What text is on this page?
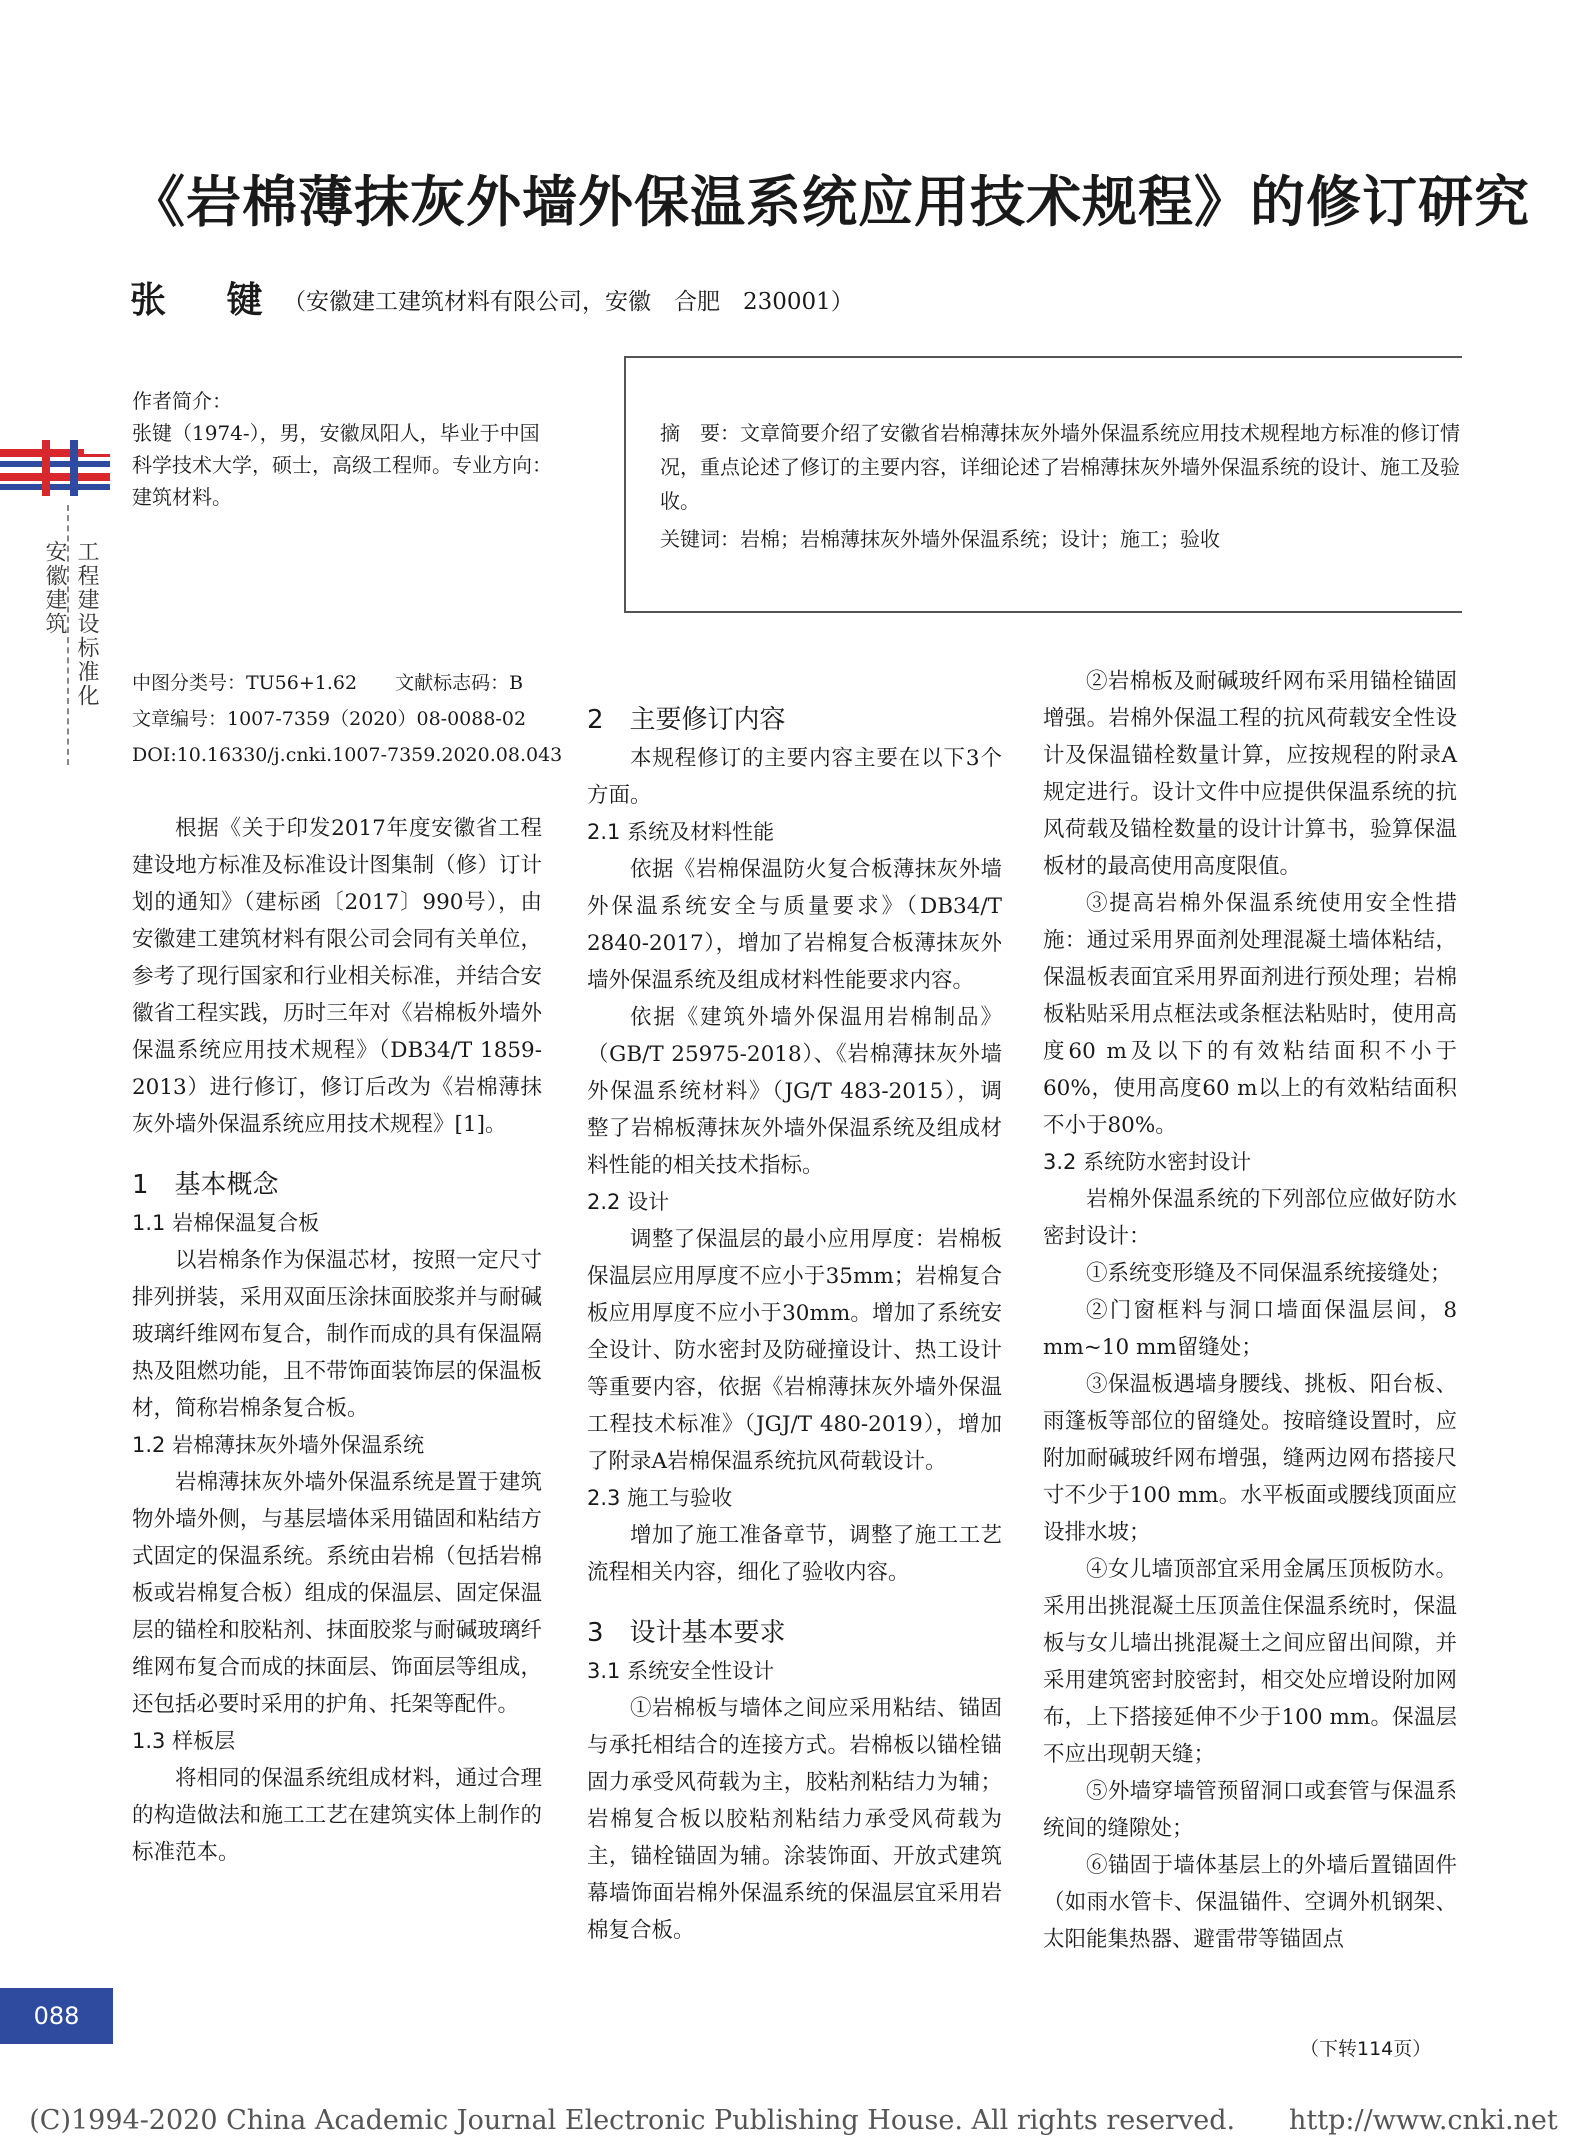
《岩棉薄抹灰外墙外保温系统应用技术规程》的修订研究
张 键
（安徽建工建筑材料有限公司，安徽　合肥　230001）
工程建设标准化
安徽建筑
作者简介：
张键（1974-），男，安徽凤阳人，毕业于中国科学技术大学，硕士，高级工程师。专业方向：建筑材料。
摘　要：文章简要介绍了安徽省岩棉薄抹灰外墙外保温系统应用技术规程地方标准的修订情况，重点论述了修订的主要内容，详细论述了岩棉薄抹灰外墙外保温系统的设计、施工及验收。
关键词：岩棉；岩棉薄抹灰外墙外保温系统；设计；施工；验收
中图分类号：TU56+1.62　　 文献标志码：B
文章编号：1007-7359（2020）08-0088-02
DOI:10.16330/j.cnki.1007-7359.2020.08.043

根据《关于印发2017年度安徽省工程建设地方标准及标准设计图集制（修）订计划的通知》（建标函〔2017〕990号），由安徽建工建筑材料有限公司会同有关单位，参考了现行国家和行业相关标准，并结合安徽省工程实践，历时三年对《岩棉板外墙外保温系统应用技术规程》（DB34/T 1859-2013）进行修订，修订后改为《岩棉薄抹灰外墙外保温系统应用技术规程》[1]。

1　基本概念
1.1 岩棉保温复合板

以岩棉条作为保温芯材，按照一定尺寸排列拼装，采用双面压涂抹面胶浆并与耐碱玻璃纤维网布复合，制作而成的具有保温隔热及阻燃功能，且不带饰面装饰层的保温板材，简称岩棉条复合板。

1.2 岩棉薄抹灰外墙外保温系统

岩棉薄抹灰外墙外保温系统是置于建筑物外墙外侧，与基层墙体采用锚固和粘结方式固定的保温系统。系统由岩棉（包括岩棉板或岩棉复合板）组成的保温层、固定保温层的锚栓和胶粘剂、抹面胶浆与耐碱玻璃纤维网布复合而成的抹面层、饰面层等组成，还包括必要时采用的护角、托架等配件。

1.3 样板层

将相同的保温系统组成材料，通过合理的构造做法和施工工艺在建筑实体上制作的标准范本。

2　主要修订内容

本规程修订的主要内容主要在以下3个方面。

2.1 系统及材料性能

依据《岩棉保温防火复合板薄抹灰外墙外保温系统安全与质量要求》（DB34/T 2840-2017），增加了岩棉复合板薄抹灰外墙外保温系统及组成材料性能要求内容。

依据《建筑外墙外保温用岩棉制品》（GB/T 25975-2018）、《岩棉薄抹灰外墙外保温系统材料》（JG/T 483-2015），调整了岩棉板薄抹灰外墙外保温系统及组成材料性能的相关技术指标。

2.2 设计

调整了保温层的最小应用厚度：岩棉板保温层应用厚度不应小于35mm；岩棉复合板应用厚度不应小于30mm。增加了系统安全设计、防水密封及防碰撞设计、热工设计等重要内容，依据《岩棉薄抹灰外墙外保温工程技术标准》（JGJ/T 480-2019），增加了附录A岩棉保温系统抗风荷载设计。

2.3 施工与验收

增加了施工准备章节，调整了施工工艺流程相关内容，细化了验收内容。

3　设计基本要求
3.1 系统安全性设计

①岩棉板与墙体之间应采用粘结、锚固与承托相结合的连接方式。岩棉板以锚栓锚固力承受风荷载为主，胶粘剂粘结力为辅；岩棉复合板以胶粘剂粘结力承受风荷载为主，锚栓锚固为辅。涂装饰面、开放式建筑幕墙饰面岩棉外保温系统的保温层宜采用岩棉复合板。

②岩棉板及耐碱玻纤网布采用锚栓锚固增强。岩棉外保温工程的抗风荷载安全性设计及保温锚栓数量计算，应按规程的附录A规定进行。设计文件中应提供保温系统的抗风荷载及锚栓数量的设计计算书，验算保温板材的最高使用高度限值。

③提高岩棉外保温系统使用安全性措施：通过采用界面剂处理混凝土墙体粘结，保温板表面宜采用界面剂进行预处理；岩棉板粘贴采用点框法或条框法粘贴时，使用高度60 m及以下的有效粘结面积不小于60%，使用高度60 m以上的有效粘结面积不小于80%。

3.2 系统防水密封设计

岩棉外保温系统的下列部位应做好防水密封设计：

①系统变形缝及不同保温系统接缝处；

②门窗框料与洞口墙面保温层间，8 mm~10 mm留缝处；

③保温板遇墙身腰线、挑板、阳台板、雨篷板等部位的留缝处。按暗缝设置时，应附加耐碱玻纤网布增强，缝两边网布搭接尺寸不少于100 mm。水平板面或腰线顶面应设排水坡；

④女儿墙顶部宜采用金属压顶板防水。采用出挑混凝土压顶盖住保温系统时，保温板与女儿墙出挑混凝土之间应留出间隙，并采用建筑密封胶密封，相交处应增设附加网布，上下搭接延伸不少于100 mm。保温层不应出现朝天缝；

⑤外墙穿墙管预留洞口或套管与保温系统间的缝隙处；

⑥锚固于墙体基层上的外墙后置锚固件（如雨水管卡、保温锚件、空调外机钢架、太阳能集热器、避雷带等锚固点

（下转114页）
088
(C)1994-2020 China Academic Journal Electronic Publishing House. All rights reserved.　　http://www.cnki.net
